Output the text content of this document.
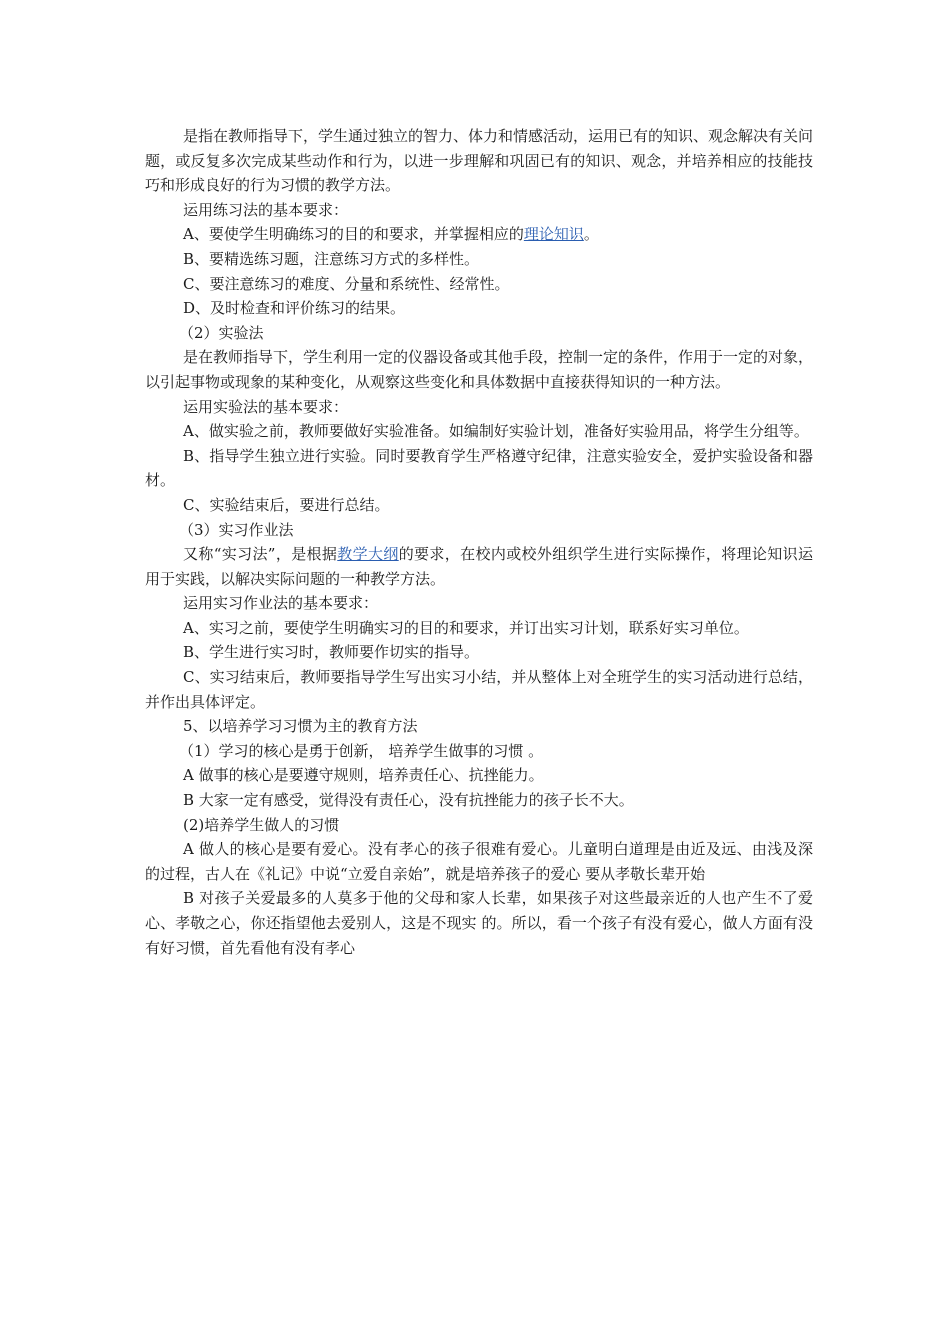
是指在教师指导下，学生通过独立的智力、体力和情感活动，运用已有的知识、观念解决有关问题，或反复多次完成某些动作和行为，以进一步理解和巩固已有的知识、观念，并培养相应的技能技巧和形成良好的行为习惯的教学方法。

运用练习法的基本要求：

A、要使学生明确练习的目的和要求，并掌握相应的理论知识。

B、要精选练习题，注意练习方式的多样性。

C、要注意练习的难度、分量和系统性、经常性。

D、及时检查和评价练习的结果。

（2）实验法

是在教师指导下，学生利用一定的仪器设备或其他手段，控制一定的条件，作用于一定的对象，以引起事物或现象的某种变化，从观察这些变化和具体数据中直接获得知识的一种方法。

运用实验法的基本要求：

A、做实验之前，教师要做好实验准备。如编制好实验计划，准备好实验用品，将学生分组等。

B、指导学生独立进行实验。同时要教育学生严格遵守纪律，注意实验安全，爱护实验设备和器材。

C、实验结束后，要进行总结。

（3）实习作业法

又称“实习法”，是根据教学大纲的要求，在校内或校外组织学生进行实际操作，将理论知识运用于实践，以解决实际问题的一种教学方法。

运用实习作业法的基本要求：

A、实习之前，要使学生明确实习的目的和要求，并订出实习计划，联系好实习单位。

B、学生进行实习时，教师要作切实的指导。

C、实习结束后，教师要指导学生写出实习小结，并从整体上对全班学生的实习活动进行总结，并作出具体评定。

5、以培养学习习惯为主的教育方法

（1）学习的核心是勇于创新， 培养学生做事的习惯 。

A 做事的核心是要遵守规则，培养责任心、抗挫能力。

B 大家一定有感受，觉得没有责任心，没有抗挫能力的孩子长不大。

(2)培养学生做人的习惯

A 做人的核心是要有爱心。没有孝心的孩子很难有爱心。儿童明白道理是由近及远、由浅及深的过程，古人在《礼记》中说“立爱自亲始”，就是培养孩子的爱心 要从孝敬长辈开始

B 对孩子关爱最多的人莫多于他的父母和家人长辈，如果孩子对这些最亲近的人也产生不了爱心、孝敬之心，你还指望他去爱别人，这是不现实 的。所以，看一个孩子有没有爱心，做人方面有没有好习惯，首先看他有没有孝心
